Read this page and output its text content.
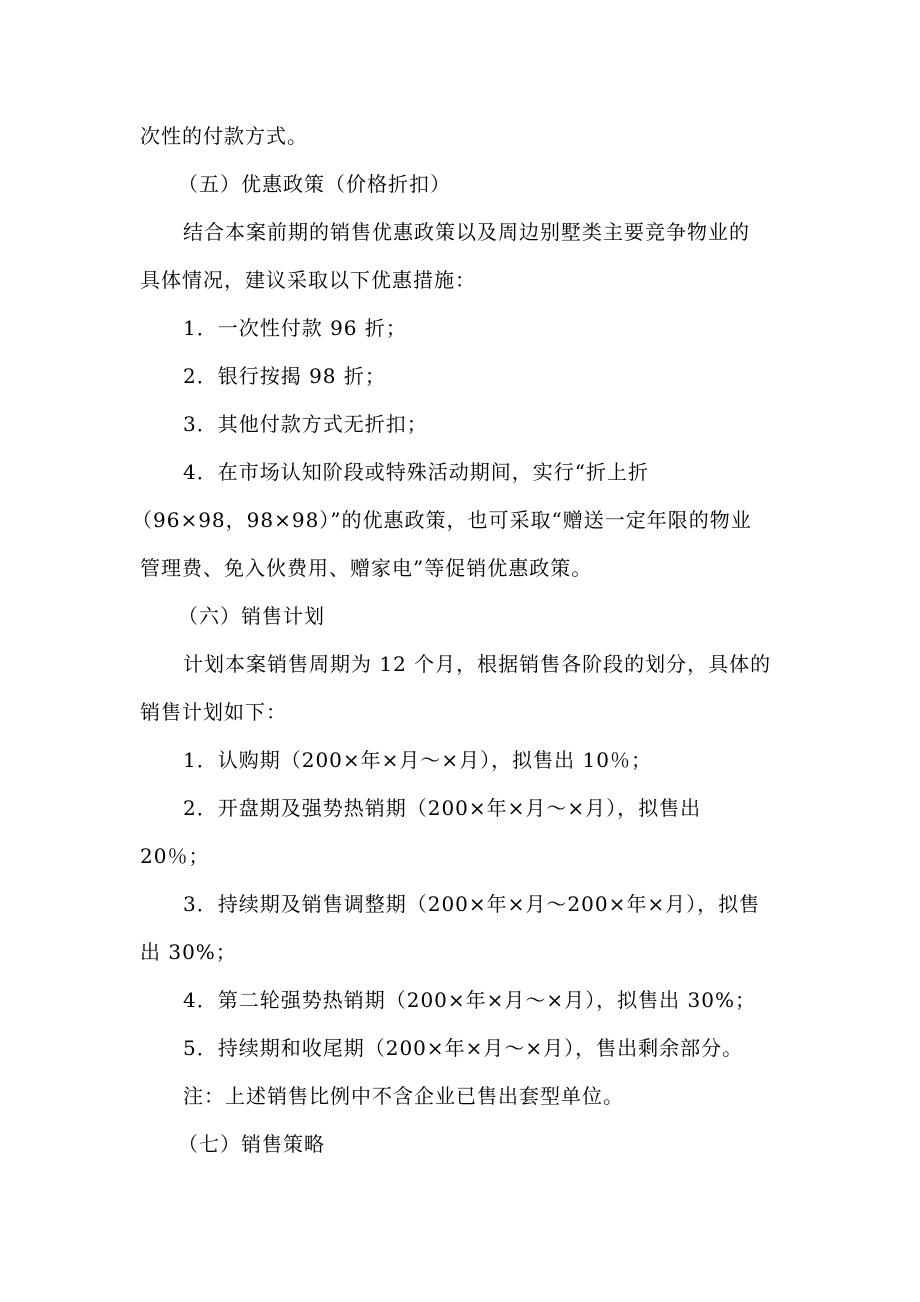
次性的付款方式。
（五）优惠政策（价格折扣）
结合本案前期的销售优惠政策以及周边别墅类主要竞争物业的
具体情况，建议采取以下优惠措施：
1．一次性付款 96 折；
2．银行按揭 98 折；
3．其他付款方式无折扣；
4．在市场认知阶段或特殊活动期间，实行“折上折
（96×98，98×98）”的优惠政策，也可采取“赠送一定年限的物业
管理费、免入伙费用、赠家电”等促销优惠政策。
（六）销售计划
计划本案销售周期为 12 个月，根据销售各阶段的划分，具体的
销售计划如下：
1．认购期（200×年×月～×月），拟售出 10％；
2．开盘期及强势热销期（200×年×月～×月），拟售出
20％；
3．持续期及销售调整期（200×年×月～200×年×月），拟售
出 30%；
4．第二轮强势热销期（200×年×月～×月），拟售出 30%；
5．持续期和收尾期（200×年×月～×月），售出剩余部分。
注：上述销售比例中不含企业已售出套型单位。
（七）销售策略
